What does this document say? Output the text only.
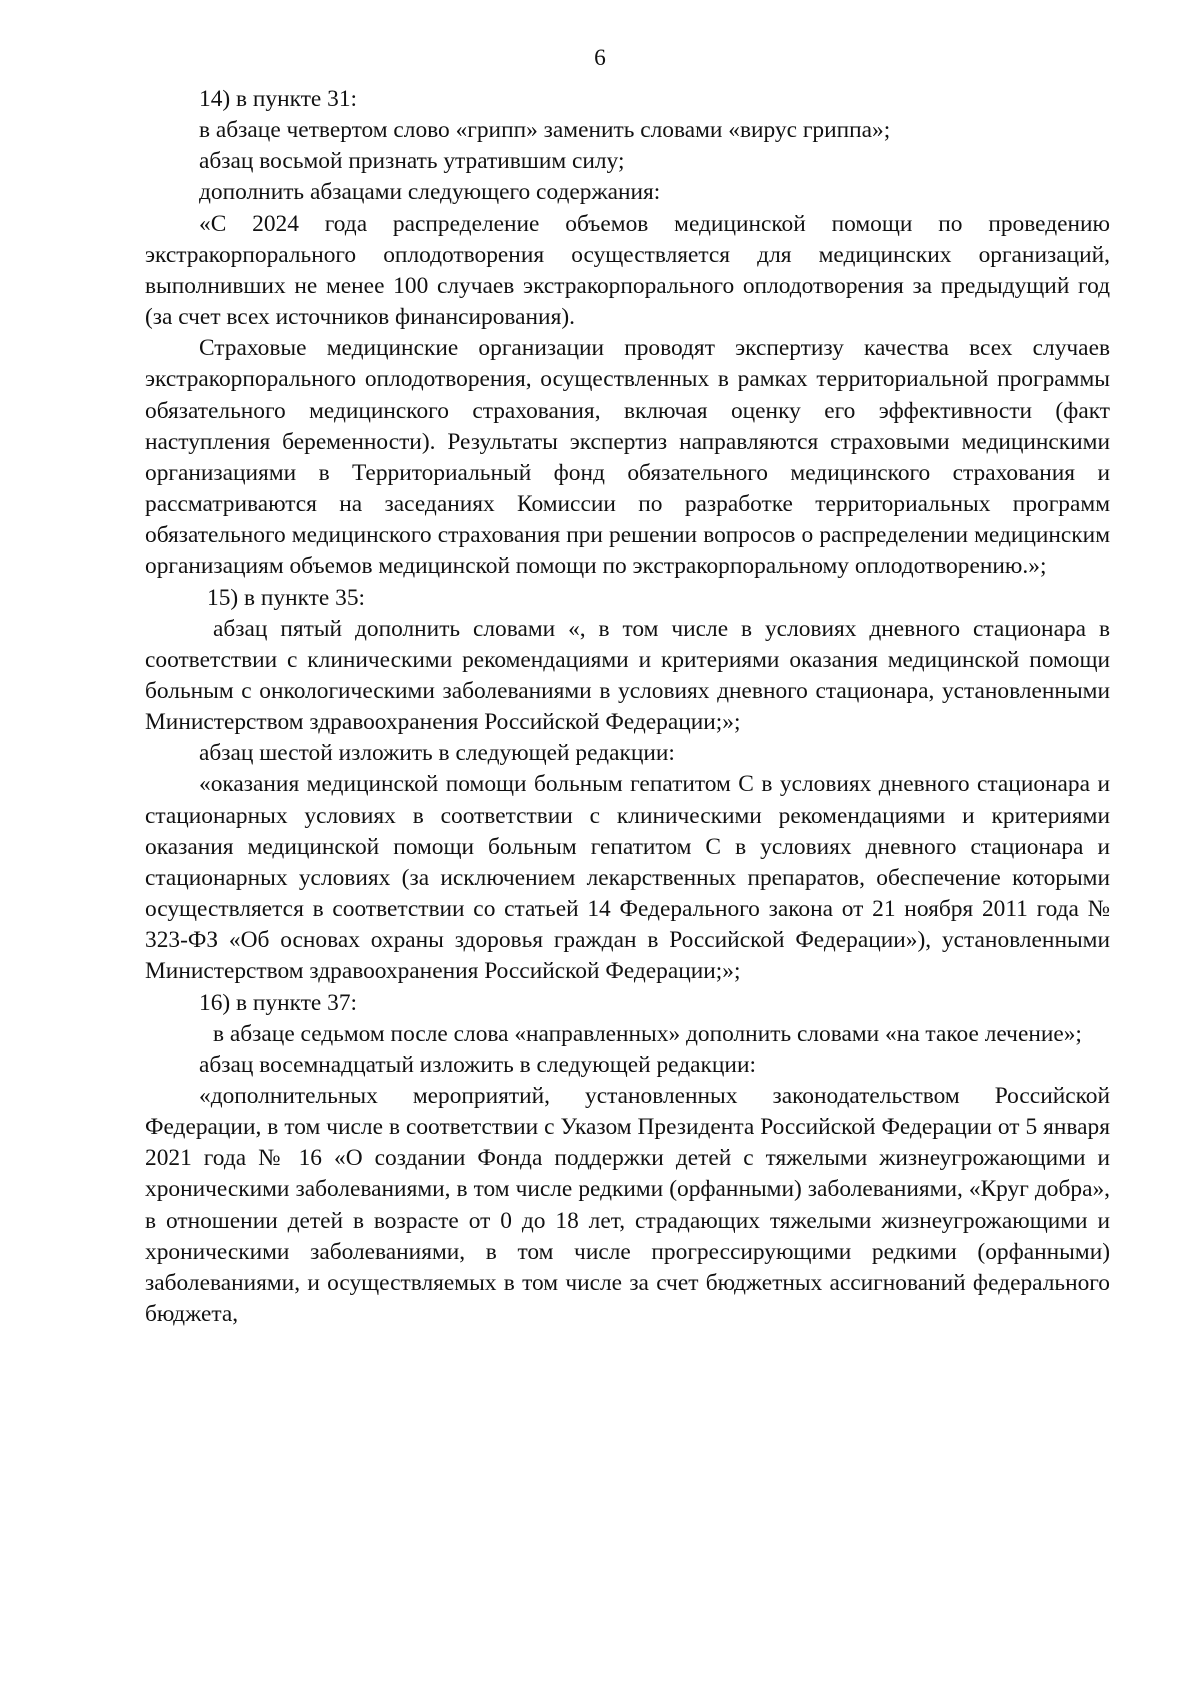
6

14) в пункте 31:

в абзаце четвертом слово «грипп» заменить словами «вирус гриппа»;

абзац восьмой признать утратившим силу;

дополнить абзацами следующего содержания:

«С 2024 года распределение объемов медицинской помощи по проведению экстракорпорального оплодотворения осуществляется для медицинских организаций, выполнивших не менее 100 случаев экстракорпорального оплодотворения за предыдущий год (за счет всех источников финансирования).

Страховые медицинские организации проводят экспертизу качества всех случаев экстракорпорального оплодотворения, осуществленных в рамках территориальной программы обязательного медицинского страхования, включая оценку его эффективности (факт наступления беременности). Результаты экспертиз направляются страховыми медицинскими организациями в Территориальный фонд обязательного медицинского страхования и рассматриваются на заседаниях Комиссии по разработке территориальных программ обязательного медицинского страхования при решении вопросов о распределении медицинским организациям объемов медицинской помощи по экстракорпоральному оплодотворению.»;

15) в пункте 35:

абзац пятый дополнить словами «, в том числе в условиях дневного стационара в соответствии с клиническими рекомендациями и критериями оказания медицинской помощи больным с онкологическими заболеваниями в условиях дневного стационара, установленными Министерством здравоохранения Российской Федерации;»;

абзац шестой изложить в следующей редакции:

«оказания медицинской помощи больным гепатитом С в условиях дневного стационара и стационарных условиях в соответствии с клиническими рекомендациями и критериями оказания медицинской помощи больным гепатитом С в условиях дневного стационара и стационарных условиях (за исключением лекарственных препаратов, обеспечение которыми осуществляется в соответствии со статьей 14 Федерального закона от 21 ноября 2011 года № 323-ФЗ «Об основах охраны здоровья граждан в Российской Федерации»), установленными Министерством здравоохранения Российской Федерации;»;

16) в пункте 37:

в абзаце седьмом после слова «направленных» дополнить словами «на такое лечение»;

абзац восемнадцатый изложить в следующей редакции:

«дополнительных мероприятий, установленных законодательством Российской Федерации, в том числе в соответствии с Указом Президента Российской Федерации от 5 января 2021 года № 16 «О создании Фонда поддержки детей с тяжелыми жизнеугрожающими и хроническими заболеваниями, в том числе редкими (орфанными) заболеваниями, «Круг добра», в отношении детей в возрасте от 0 до 18 лет, страдающих тяжелыми жизнеугрожающими и хроническими заболеваниями, в том числе прогрессирующими редкими (орфанными) заболеваниями, и осуществляемых в том числе за счет бюджетных ассигнований федерального бюджета,
